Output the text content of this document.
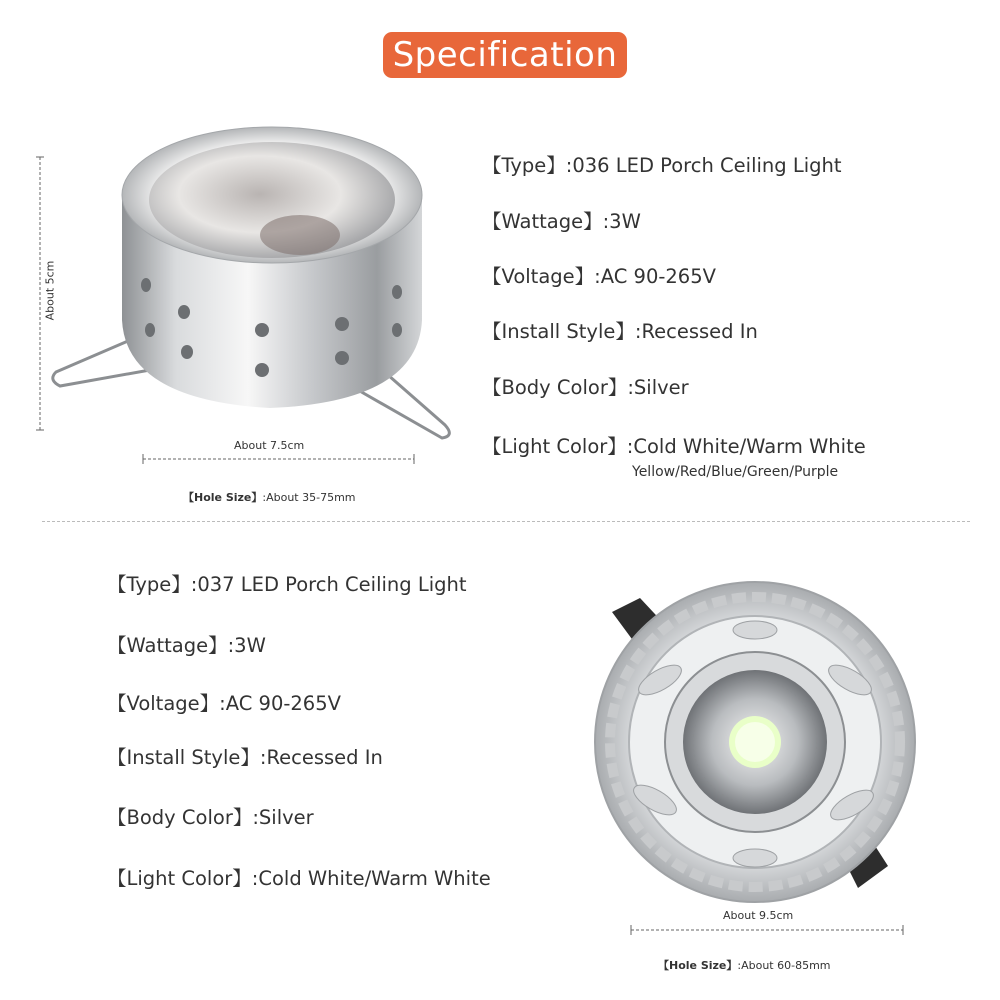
Specification
About 5cm
About 7.5cm
【Hole Size】:About 35-75mm
【Type】:036 LED Porch Ceiling Light
【Wattage】:3W
【Voltage】:AC 90-265V
【Install Style】:Recessed In
【Body Color】:Silver
【Light Color】:Cold White/Warm White
Yellow/Red/Blue/Green/Purple
【Type】:037 LED Porch Ceiling Light
【Wattage】:3W
【Voltage】:AC 90-265V
【Install Style】:Recessed In
【Body Color】:Silver
【Light Color】:Cold White/Warm White
About 9.5cm
【Hole Size】:About 60-85mm
